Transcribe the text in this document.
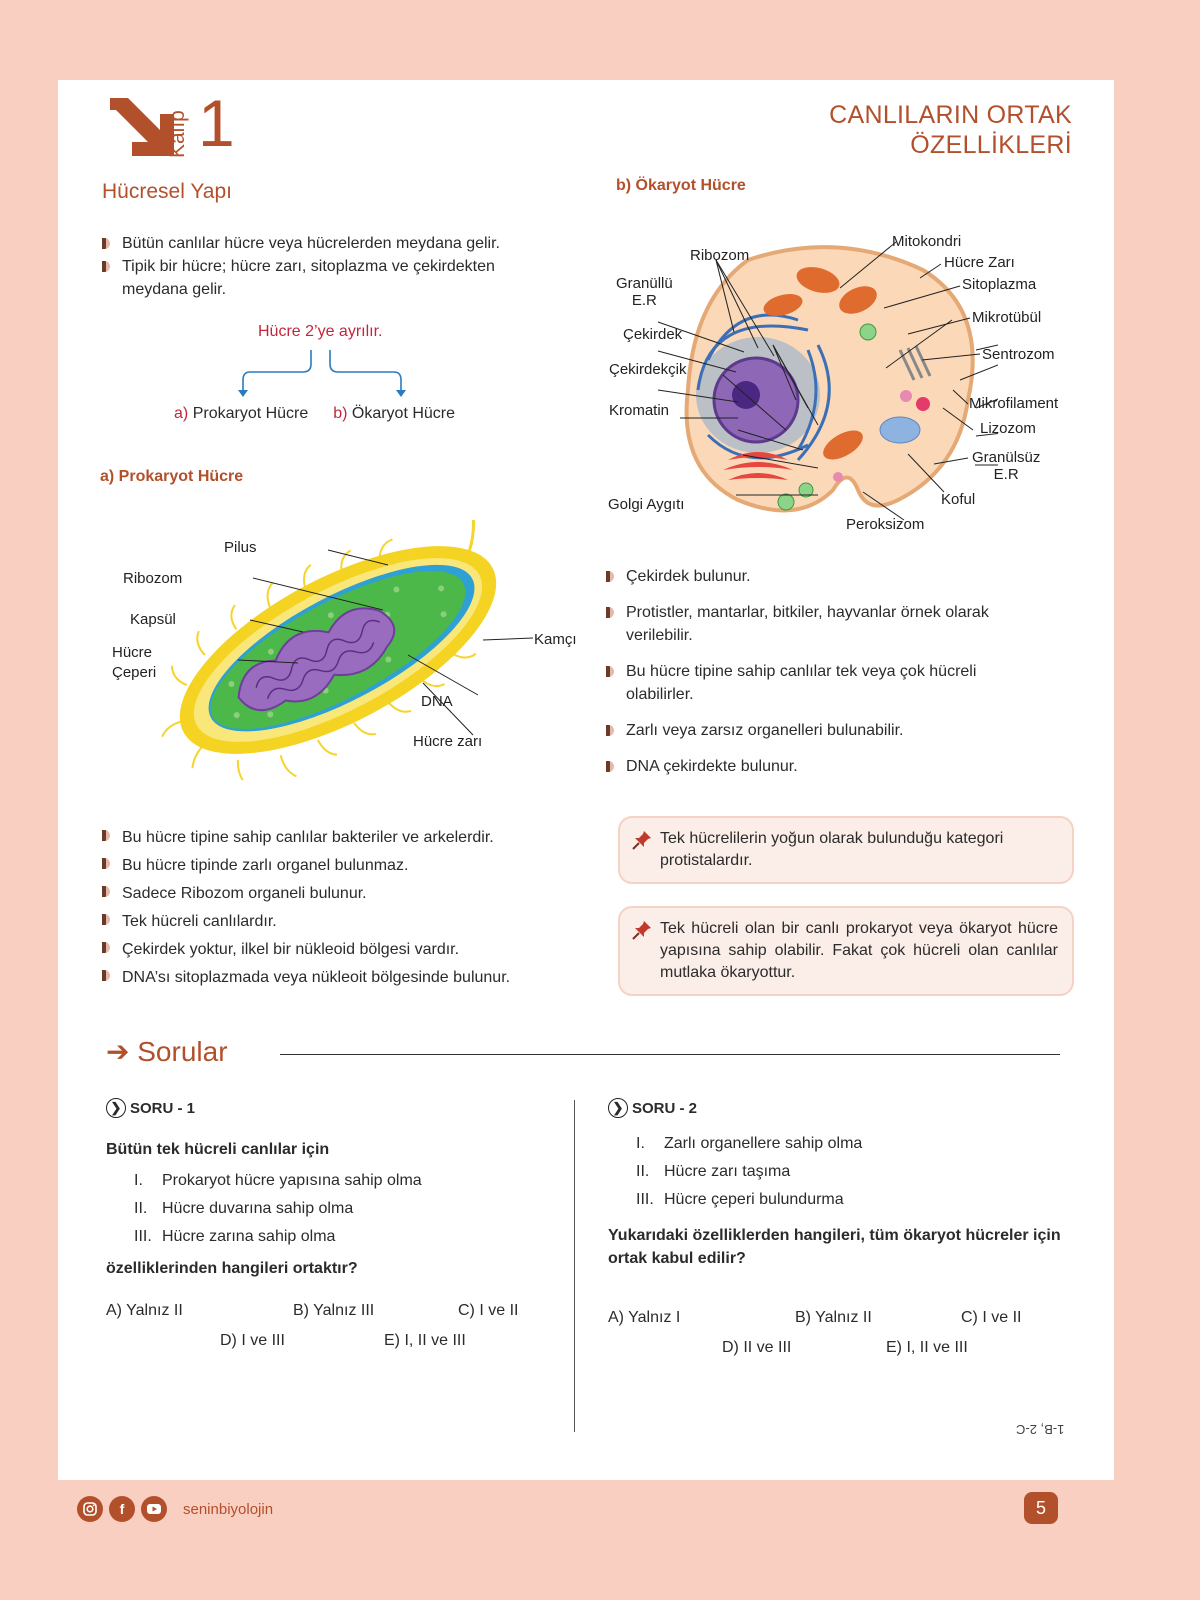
Kalıp 1	CANLILARIN ORTAK
ÖZELLİKLERİ
Hücresel Yapı
Bütün canlılar hücre veya hücrelerden meydana gelir.
Tipik bir hücre; hücre zarı, sitoplazma ve çekirdekten meydana gelir.
Hücre 2’ye ayrılır.
a) Prokaryot Hücre b) Ökaryot Hücre
a) Prokaryot Hücre
Pilus
Ribozom
Kapsül
Hücre
Çeperi
Kamçı
DNA
Hücre zarı
Bu hücre tipine sahip canlılar bakteriler ve arkelerdir.
Bu hücre tipinde zarlı organel bulunmaz.
Sadece Ribozom organeli bulunur.
Tek hücreli canlılardır.
Çekirdek yoktur, ilkel bir nükleoid bölgesi vardır.
DNA’sı sitoplazmada veya nükleoit bölgesinde bulunur.
b) Ökaryot Hücre
Ribozom
Granüllü
E.R
Çekirdek
Çekirdekçik
Kromatin
Golgi Aygıtı
Mitokondri
Hücre Zarı
Sitoplazma
Mikrotübül
Sentrozom
Mikrofilament
Lizozom
Granülsüz
E.R
Koful
Peroksizom
Çekirdek bulunur.
Protistler, mantarlar, bitkiler, hayvanlar örnek olarak verilebilir.
Bu hücre tipine sahip canlılar tek veya çok hücreli olabilirler.
Zarlı veya zarsız organelleri bulunabilir.
DNA çekirdekte bulunur.
Tek hücrelilerin yoğun olarak bulunduğu kategori protistalardır.
Tek hücreli olan bir canlı prokaryot veya ökaryot hücre yapısına sahip olabilir. Fakat çok hücreli olan canlılar mutlaka ökaryottur.
➔ Sorular
❯ SORU - 1
Bütün tek hücreli canlılar için
I. Prokaryot hücre yapısına sahip olma
II. Hücre duvarına sahip olma
III. Hücre zarına sahip olma
özelliklerinden hangileri ortaktır?
A) Yalnız II	B) Yalnız III	C) I ve II
D) I ve III	E) I, II ve III
❯ SORU - 2
I. Zarlı organellere sahip olma
II. Hücre zarı taşıma
III. Hücre çeperi bulundurma
Yukarıdaki özelliklerden hangileri, tüm ökaryot hücreler için ortak kabul edilir?
A) Yalnız I	B) Yalnız II	C) I ve II
D) II ve III	E) I, II ve III
1-B, 2-C
f	seninbiyolojin	5
